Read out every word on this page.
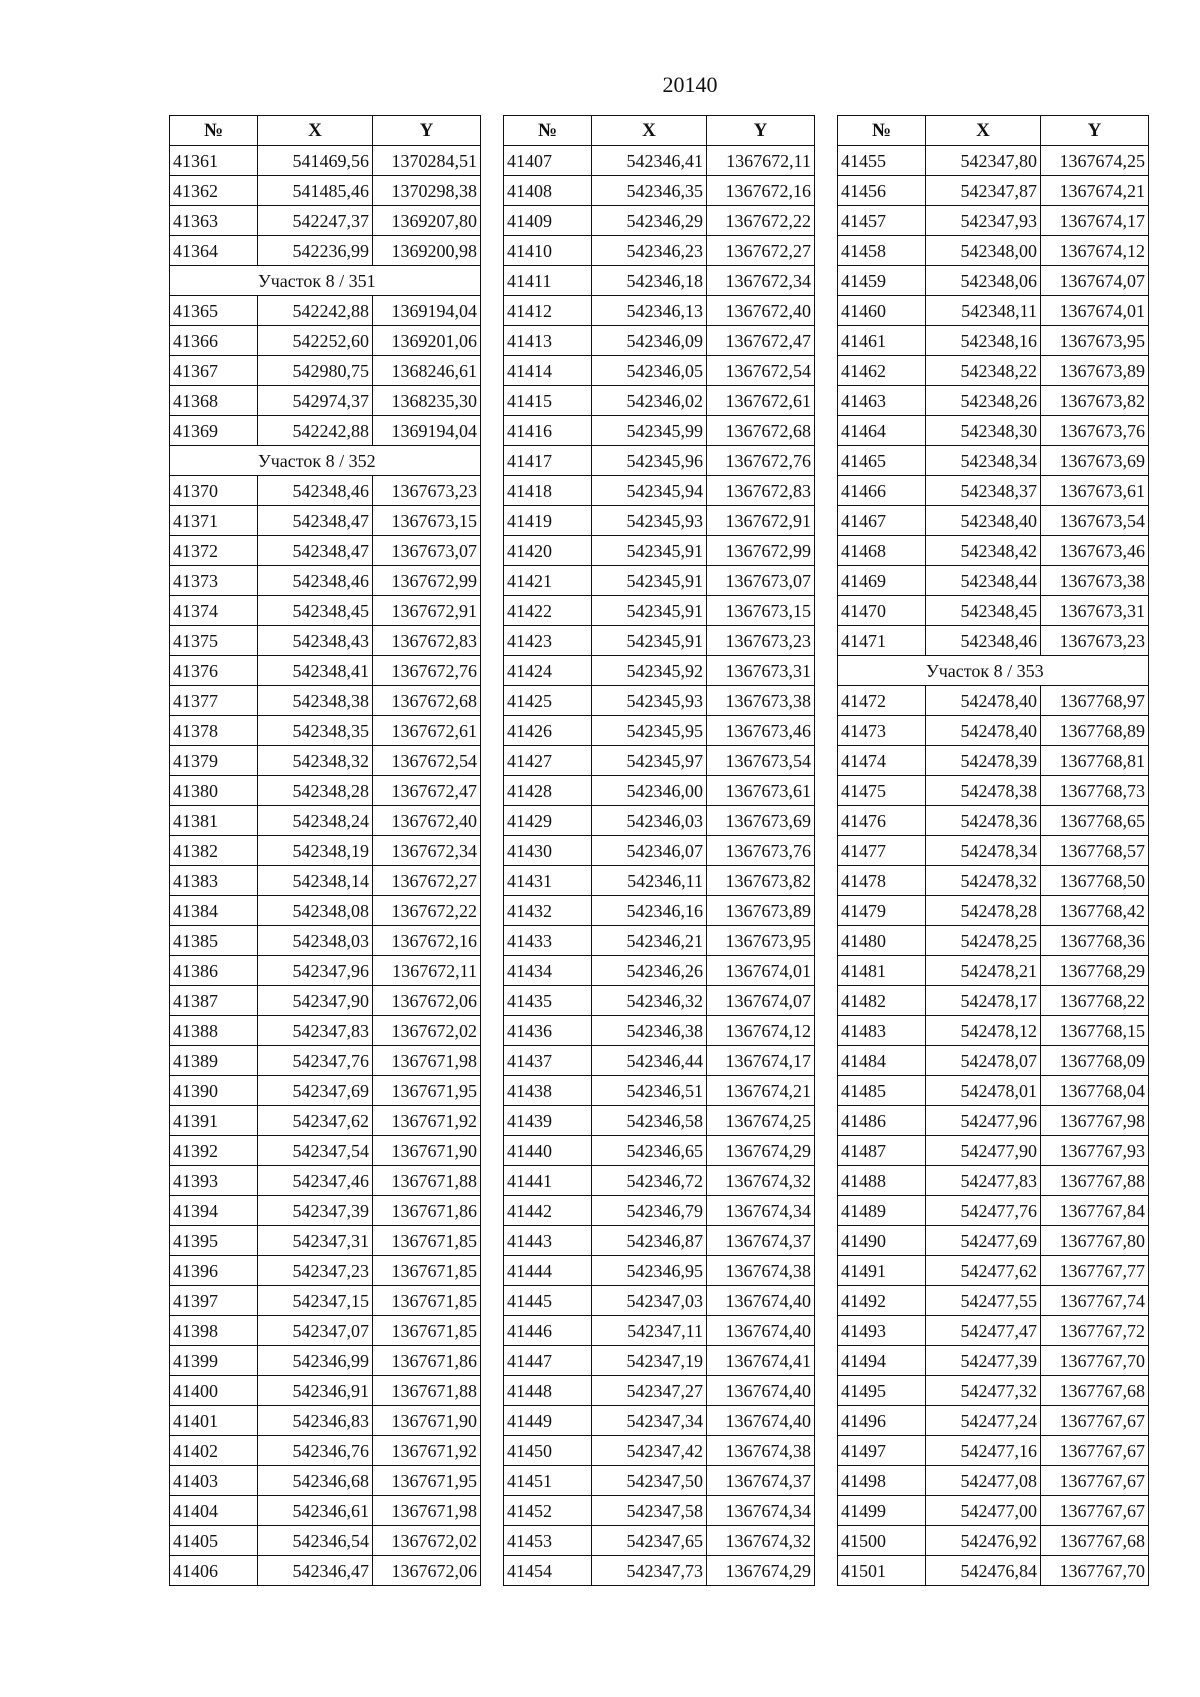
20140
№	X	Y
41361	541469,56	1370284,51
41362	541485,46	1370298,38
41363	542247,37	1369207,80
41364	542236,99	1369200,98
Участок 8 / 351		
41365	542242,88	1369194,04
41366	542252,60	1369201,06
41367	542980,75	1368246,61
41368	542974,37	1368235,30
41369	542242,88	1369194,04
Участок 8 / 352		
41370	542348,46	1367673,23
41371	542348,47	1367673,15
41372	542348,47	1367673,07
41373	542348,46	1367672,99
41374	542348,45	1367672,91
41375	542348,43	1367672,83
41376	542348,41	1367672,76
41377	542348,38	1367672,68
41378	542348,35	1367672,61
41379	542348,32	1367672,54
41380	542348,28	1367672,47
41381	542348,24	1367672,40
41382	542348,19	1367672,34
41383	542348,14	1367672,27
41384	542348,08	1367672,22
41385	542348,03	1367672,16
41386	542347,96	1367672,11
41387	542347,90	1367672,06
41388	542347,83	1367672,02
41389	542347,76	1367671,98
41390	542347,69	1367671,95
41391	542347,62	1367671,92
41392	542347,54	1367671,90
41393	542347,46	1367671,88
41394	542347,39	1367671,86
41395	542347,31	1367671,85
41396	542347,23	1367671,85
41397	542347,15	1367671,85
41398	542347,07	1367671,85
41399	542346,99	1367671,86
41400	542346,91	1367671,88
41401	542346,83	1367671,90
41402	542346,76	1367671,92
41403	542346,68	1367671,95
41404	542346,61	1367671,98
41405	542346,54	1367672,02
41406	542346,47	1367672,06
№	X	Y
41407	542346,41	1367672,11
41408	542346,35	1367672,16
41409	542346,29	1367672,22
41410	542346,23	1367672,27
41411	542346,18	1367672,34
41412	542346,13	1367672,40
41413	542346,09	1367672,47
41414	542346,05	1367672,54
41415	542346,02	1367672,61
41416	542345,99	1367672,68
41417	542345,96	1367672,76
41418	542345,94	1367672,83
41419	542345,93	1367672,91
41420	542345,91	1367672,99
41421	542345,91	1367673,07
41422	542345,91	1367673,15
41423	542345,91	1367673,23
41424	542345,92	1367673,31
41425	542345,93	1367673,38
41426	542345,95	1367673,46
41427	542345,97	1367673,54
41428	542346,00	1367673,61
41429	542346,03	1367673,69
41430	542346,07	1367673,76
41431	542346,11	1367673,82
41432	542346,16	1367673,89
41433	542346,21	1367673,95
41434	542346,26	1367674,01
41435	542346,32	1367674,07
41436	542346,38	1367674,12
41437	542346,44	1367674,17
41438	542346,51	1367674,21
41439	542346,58	1367674,25
41440	542346,65	1367674,29
41441	542346,72	1367674,32
41442	542346,79	1367674,34
41443	542346,87	1367674,37
41444	542346,95	1367674,38
41445	542347,03	1367674,40
41446	542347,11	1367674,40
41447	542347,19	1367674,41
41448	542347,27	1367674,40
41449	542347,34	1367674,40
41450	542347,42	1367674,38
41451	542347,50	1367674,37
41452	542347,58	1367674,34
41453	542347,65	1367674,32
41454	542347,73	1367674,29
№	X	Y
41455	542347,80	1367674,25
41456	542347,87	1367674,21
41457	542347,93	1367674,17
41458	542348,00	1367674,12
41459	542348,06	1367674,07
41460	542348,11	1367674,01
41461	542348,16	1367673,95
41462	542348,22	1367673,89
41463	542348,26	1367673,82
41464	542348,30	1367673,76
41465	542348,34	1367673,69
41466	542348,37	1367673,61
41467	542348,40	1367673,54
41468	542348,42	1367673,46
41469	542348,44	1367673,38
41470	542348,45	1367673,31
41471	542348,46	1367673,23
Участок 8 / 353		
41472	542478,40	1367768,97
41473	542478,40	1367768,89
41474	542478,39	1367768,81
41475	542478,38	1367768,73
41476	542478,36	1367768,65
41477	542478,34	1367768,57
41478	542478,32	1367768,50
41479	542478,28	1367768,42
41480	542478,25	1367768,36
41481	542478,21	1367768,29
41482	542478,17	1367768,22
41483	542478,12	1367768,15
41484	542478,07	1367768,09
41485	542478,01	1367768,04
41486	542477,96	1367767,98
41487	542477,90	1367767,93
41488	542477,83	1367767,88
41489	542477,76	1367767,84
41490	542477,69	1367767,80
41491	542477,62	1367767,77
41492	542477,55	1367767,74
41493	542477,47	1367767,72
41494	542477,39	1367767,70
41495	542477,32	1367767,68
41496	542477,24	1367767,67
41497	542477,16	1367767,67
41498	542477,08	1367767,67
41499	542477,00	1367767,67
41500	542476,92	1367767,68
41501	542476,84	1367767,70
